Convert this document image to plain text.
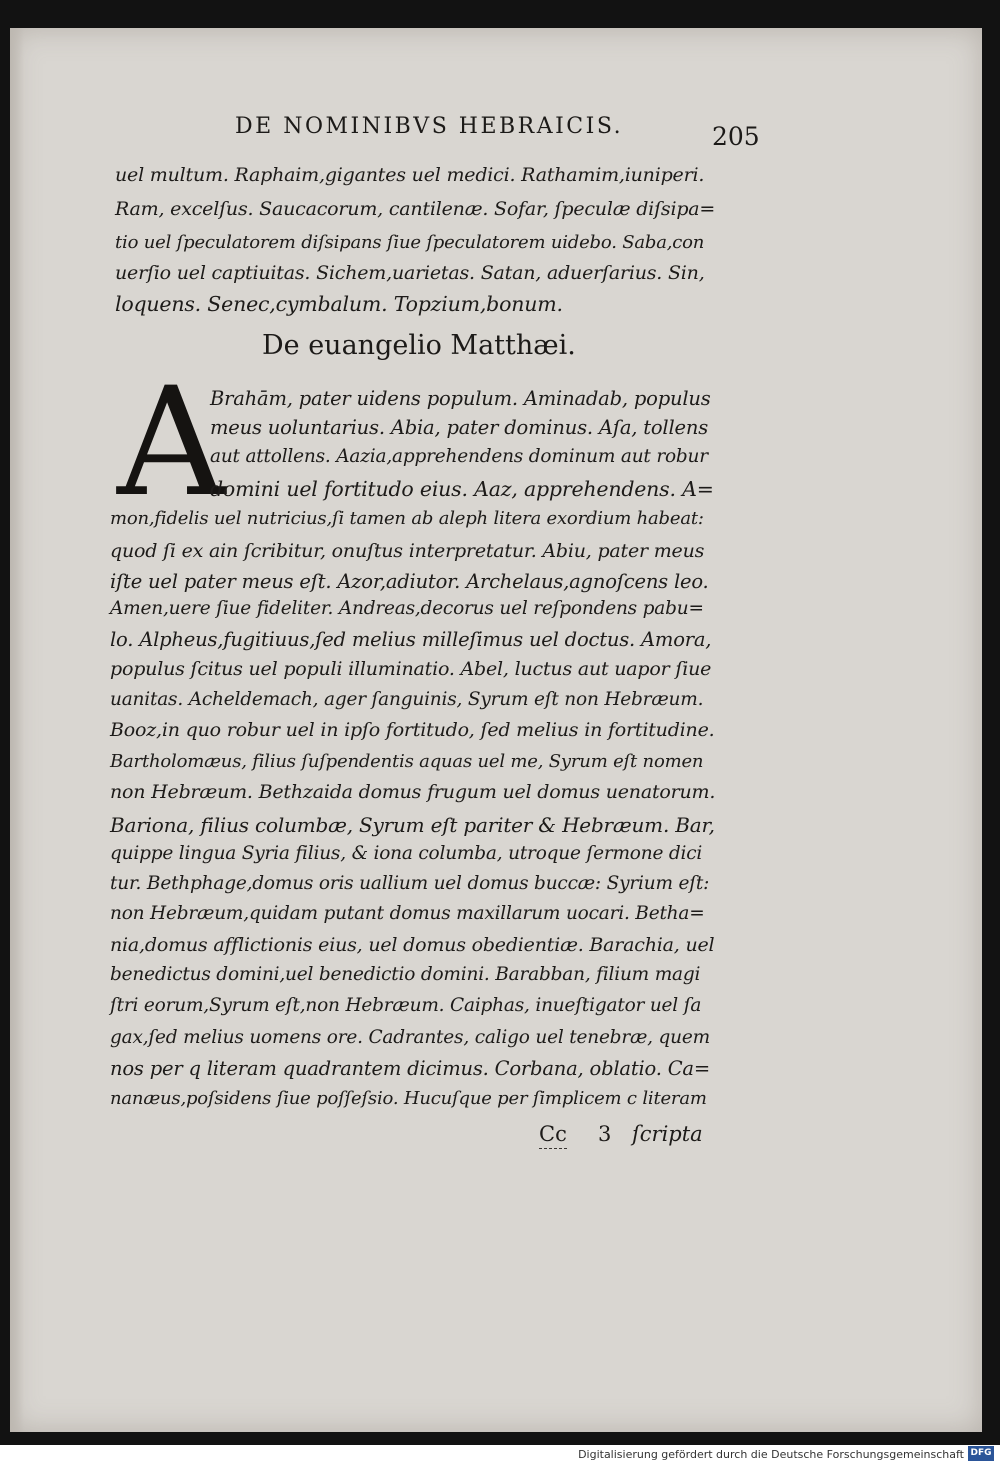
DE NOMINIBVS HEBRAICIS.	205
uel multum. Raphaim,gigantes uel medici. Rathamim,iuniperi.
Ram, excelſus. Saucacorum, cantilenæ. Sofar, ſpeculæ diſsipa=
tio uel ſpeculatorem diſsipans ſiue ſpeculatorem uidebo. Saba,con
uerſio uel captiuitas. Sichem,uarietas. Satan, aduerſarius. Sin,
loquens. Senec,cymbalum. Topzium,bonum.
De euangelio Matthæi.
A
Brahām, pater uidens populum. Aminadab, populus
meus uoluntarius. Abia, pater dominus. Aſa, tollens
aut attollens. Aazia,apprehendens dominum aut robur
domini uel fortitudo eius. Aaz, apprehendens. A=
mon,fidelis uel nutricius,ſi tamen ab aleph litera exordium habeat:
quod ſi ex ain ſcribitur, onuſtus interpretatur. Abiu, pater meus
iſte uel pater meus eſt. Azor,adiutor. Archelaus,agnoſcens leo.
Amen,uere ſiue fideliter. Andreas,decorus uel reſpondens pabu=
lo. Alpheus,fugitiuus,ſed melius milleſimus uel doctus. Amora,
populus ſcitus uel populi illuminatio. Abel, luctus aut uapor ſiue
uanitas. Acheldemach, ager ſanguinis, Syrum eſt non Hebræum.
Booz,in quo robur uel in ipſo fortitudo, ſed melius in fortitudine.
Bartholomæus, filius ſuſpendentis aquas uel me, Syrum eſt nomen
non Hebræum. Bethzaida domus frugum uel domus uenatorum.
Bariona, filius columbæ, Syrum eſt pariter & Hebræum. Bar,
quippe lingua Syria filius, & iona columba, utroque ſermone dici
tur. Bethphage,domus oris uallium uel domus buccæ: Syrium eſt:
non Hebræum,quidam putant domus maxillarum uocari. Betha=
nia,domus afflictionis eius, uel domus obedientiæ. Barachia, uel
benedictus domini,uel benedictio domini. Barabban, filium magi
ſtri eorum,Syrum eſt,non Hebræum. Caiphas, inueſtigator uel ſa
gax,ſed melius uomens ore. Cadrantes, caligo uel tenebræ, quem
nos per q literam quadrantem dicimus. Corbana, oblatio. Ca=
nanæus,poſsidens ſiue poſſeſsio. Hucuſque per ſimplicem c literam
Cc 3 ſcripta
Digitalisierung gefördert durch die Deutsche Forschungsgemeinschaft DFG
